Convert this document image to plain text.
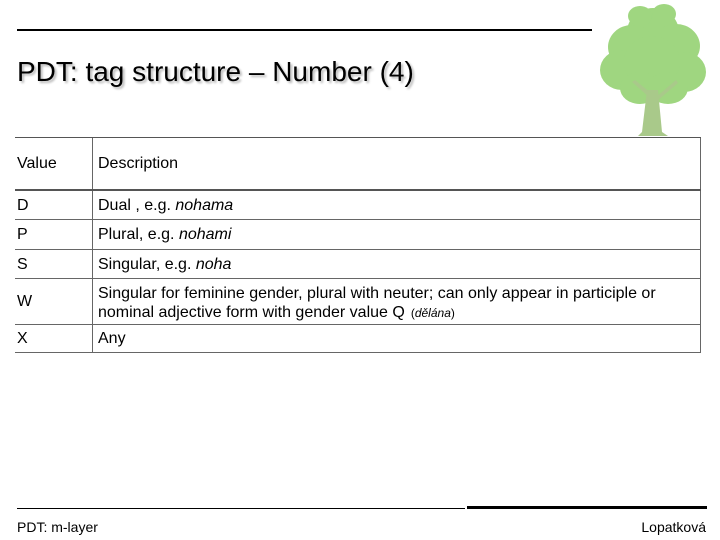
PDT: tag structure – Number (4)
Value	Description
D	Dual , e.g. nohama
P	Plural, e.g. nohami
S	Singular, e.g. noha
W	Singular for feminine gender, plural with neuter; can only appear in participle or nominal adjective form with gender value Q (dělána)
X	Any
PDT: m-layer	Lopatková
